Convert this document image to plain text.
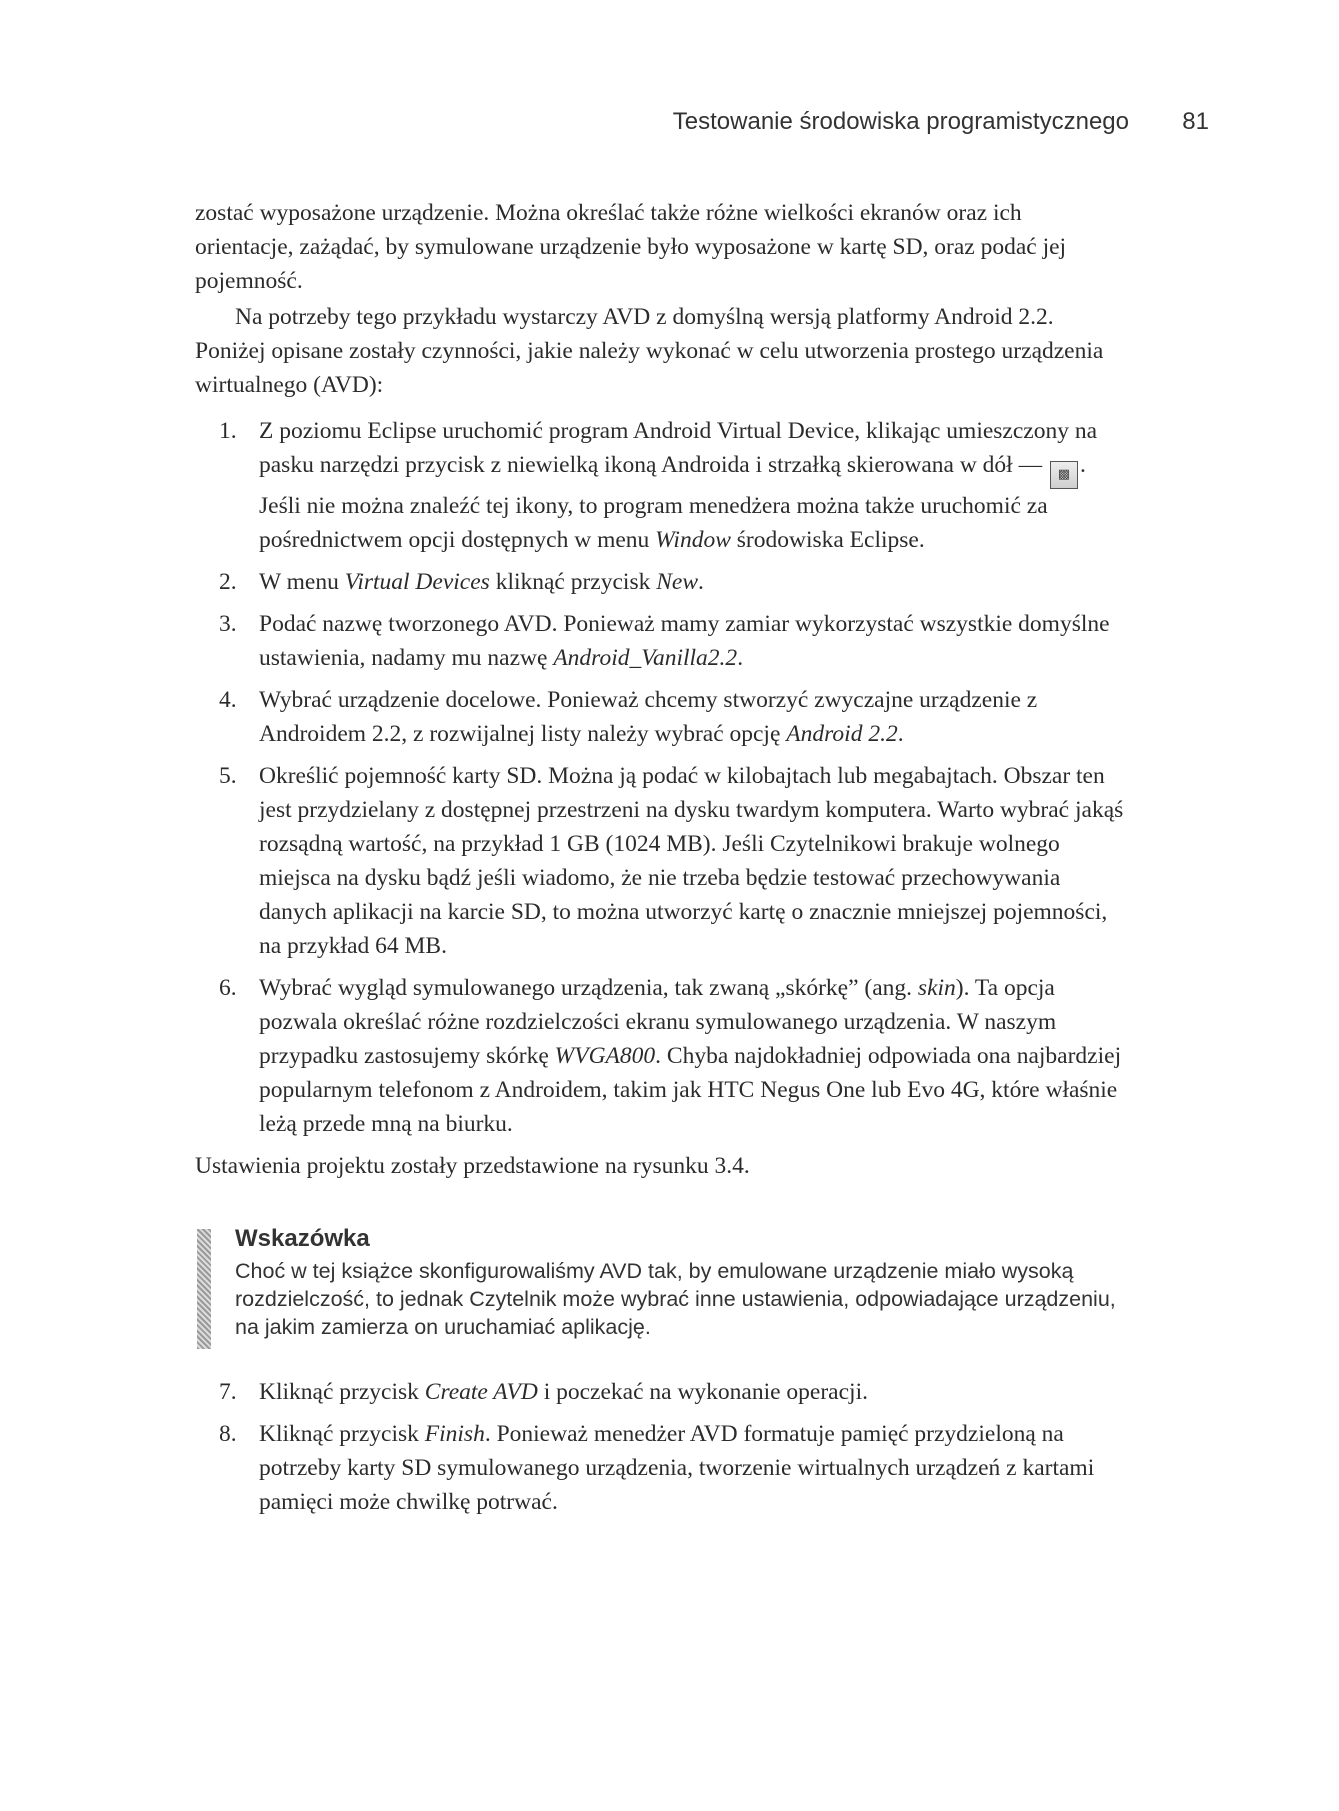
Testowanie środowiska programistycznego 81

zostać wyposażone urządzenie. Można określać także różne wielkości ekranów oraz ich orientacje, zażądać, by symulowane urządzenie było wyposażone w kartę SD, oraz podać jej pojemność.

Na potrzeby tego przykładu wystarczy AVD z domyślną wersją platformy Android 2.2. Poniżej opisane zostały czynności, jakie należy wykonać w celu utworzenia prostego urządzenia wirtualnego (AVD):

1. Z poziomu Eclipse uruchomić program Android Virtual Device, klikając umieszczony na pasku narzędzi przycisk z niewielką ikoną Androida i strzałką skierowana w dół — ▩ . Jeśli nie można znaleźć tej ikony, to program menedżera można także uruchomić za pośrednictwem opcji dostępnych w menu Window środowiska Eclipse.
2. W menu Virtual Devices kliknąć przycisk New.
3. Podać nazwę tworzonego AVD. Ponieważ mamy zamiar wykorzystać wszystkie domyślne ustawienia, nadamy mu nazwę Android_Vanilla2.2.
4. Wybrać urządzenie docelowe. Ponieważ chcemy stworzyć zwyczajne urządzenie z Androidem 2.2, z rozwijalnej listy należy wybrać opcję Android 2.2.
5. Określić pojemność karty SD. Można ją podać w kilobajtach lub megabajtach. Obszar ten jest przydzielany z dostępnej przestrzeni na dysku twardym komputera. Warto wybrać jakąś rozsądną wartość, na przykład 1 GB (1024 MB). Jeśli Czytelnikowi brakuje wolnego miejsca na dysku bądź jeśli wiadomo, że nie trzeba będzie testować przechowywania danych aplikacji na karcie SD, to można utworzyć kartę o znacznie mniejszej pojemności, na przykład 64 MB.
6. Wybrać wygląd symulowanego urządzenia, tak zwaną „skórkę” (ang. skin). Ta opcja pozwala określać różne rozdzielczości ekranu symulowanego urządzenia. W naszym przypadku zastosujemy skórkę WVGA800. Chyba najdokładniej odpowiada ona najbardziej popularnym telefonom z Androidem, takim jak HTC Negus One lub Evo 4G, które właśnie leżą przede mną na biurku.

Ustawienia projektu zostały przedstawione na rysunku 3.4.

Wskazówka
Choć w tej książce skonfigurowaliśmy AVD tak, by emulowane urządzenie miało wysoką rozdzielczość, to jednak Czytelnik może wybrać inne ustawienia, odpowiadające urządzeniu, na jakim zamierza on uruchamiać aplikację.
7. Kliknąć przycisk Create AVD i poczekać na wykonanie operacji.
8. Kliknąć przycisk Finish. Ponieważ menedżer AVD formatuje pamięć przydzieloną na potrzeby karty SD symulowanego urządzenia, tworzenie wirtualnych urządzeń z kartami pamięci może chwilkę potrwać.
